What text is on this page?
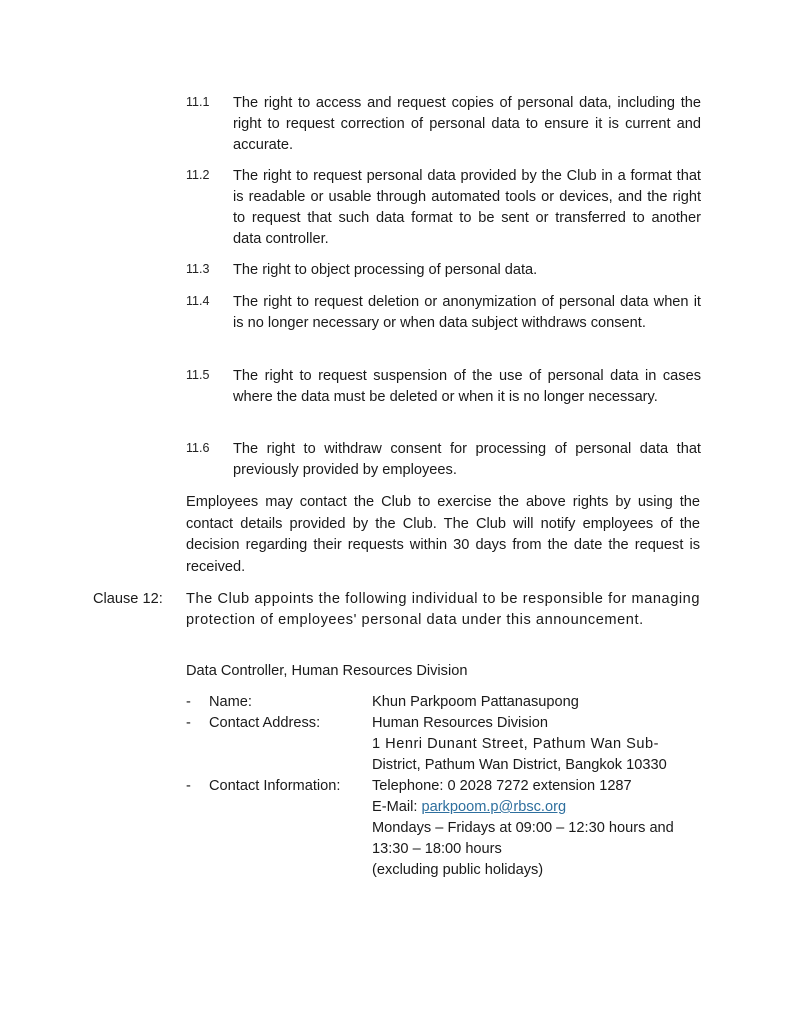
11.1 The right to access and request copies of personal data, including the right to request correction of personal data to ensure it is current and accurate.
11.2 The right to request personal data provided by the Club in a format that is readable or usable through automated tools or devices, and the right to request that such data format to be sent or transferred to another data controller.
11.3 The right to object processing of personal data.
11.4 The right to request deletion or anonymization of personal data when it is no longer necessary or when data subject withdraws consent.
11.5 The right to request suspension of the use of personal data in cases where the data must be deleted or when it is no longer necessary.
11.6 The right to withdraw consent for processing of personal data that previously provided by employees.
Employees may contact the Club to exercise the above rights by using the contact details provided by the Club. The Club will notify employees of the decision regarding their requests within 30 days from the date the request is received.
Clause 12: The Club appoints the following individual to be responsible for managing protection of employees' personal data under this announcement.
Data Controller, Human Resources Division
- Name:	Khun Parkpoom Pattanasupong
- Contact Address:	Human Resources Division
1 Henri Dunant Street, Pathum Wan Sub-
District, Pathum Wan District, Bangkok 10330
- Contact Information: Telephone: 0 2028 7272 extension 1287
E-Mail: parkpoom.p@rbsc.org
Mondays – Fridays at 09:00 – 12:30 hours and
13:30 – 18:00 hours
(excluding public holidays)
